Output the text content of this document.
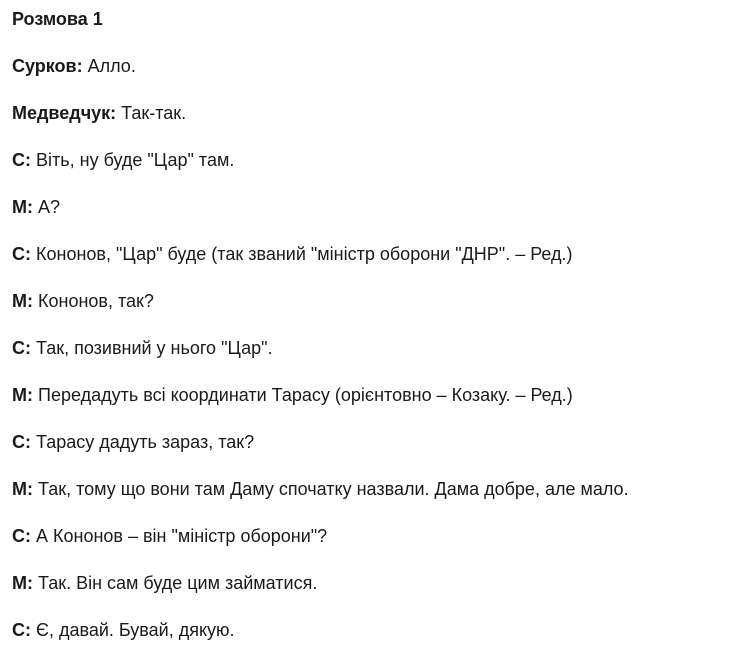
Розмова 1
Сурков: Алло.
Медведчук: Так-так.
С: Віть, ну буде "Цар" там.
М: А?
С: Кононов, "Цар" буде (так званий "міністр оборони "ДНР". – Ред.)
М: Кононов, так?
С: Так, позивний у нього "Цар".
М: Передадуть всі координати Тарасу (орієнтовно – Козаку. – Ред.)
С: Тарасу дадуть зараз, так?
М: Так, тому що вони там Даму спочатку назвали. Дама добре, але мало.
С: А Кононов – він "міністр оборони"?
М: Так. Він сам буде цим займатися.
С: Є, давай. Бувай, дякую.
